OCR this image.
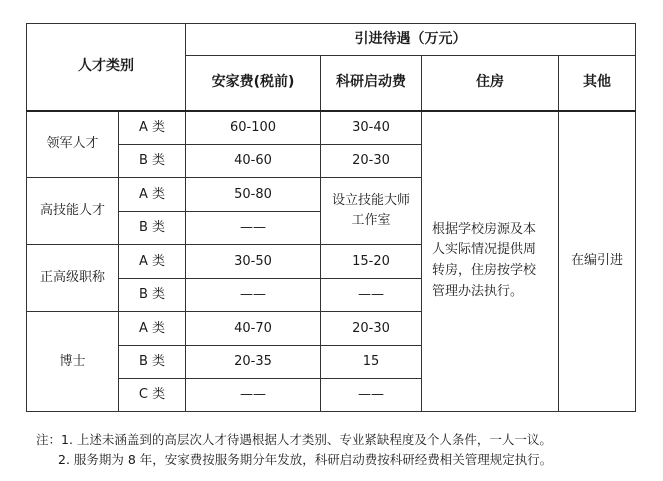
人才类别		引进待遇（万元）			
		安家费(税前)	科研启动费	住房	其他
领军人才	A 类	60-100	30-40	根据学校房源及本人实际情况提供周转房，住房按学校管理办法执行。	在编引进
	B 类	40-60	20-30		
高技能人才	A 类	50-80	设立技能大师工作室		
	B 类	——			
正高级职称	A 类	30-50	15-20		
	B 类	——	——		
博士	A 类	40-70	20-30		
	B 类	20-35	15		
	C 类	——	——		
注：1. 上述未涵盖到的高层次人才待遇根据人才类别、专业紧缺程度及个人条件，一人一议。
2. 服务期为 8 年，安家费按服务期分年发放，科研启动费按科研经费相关管理规定执行。
